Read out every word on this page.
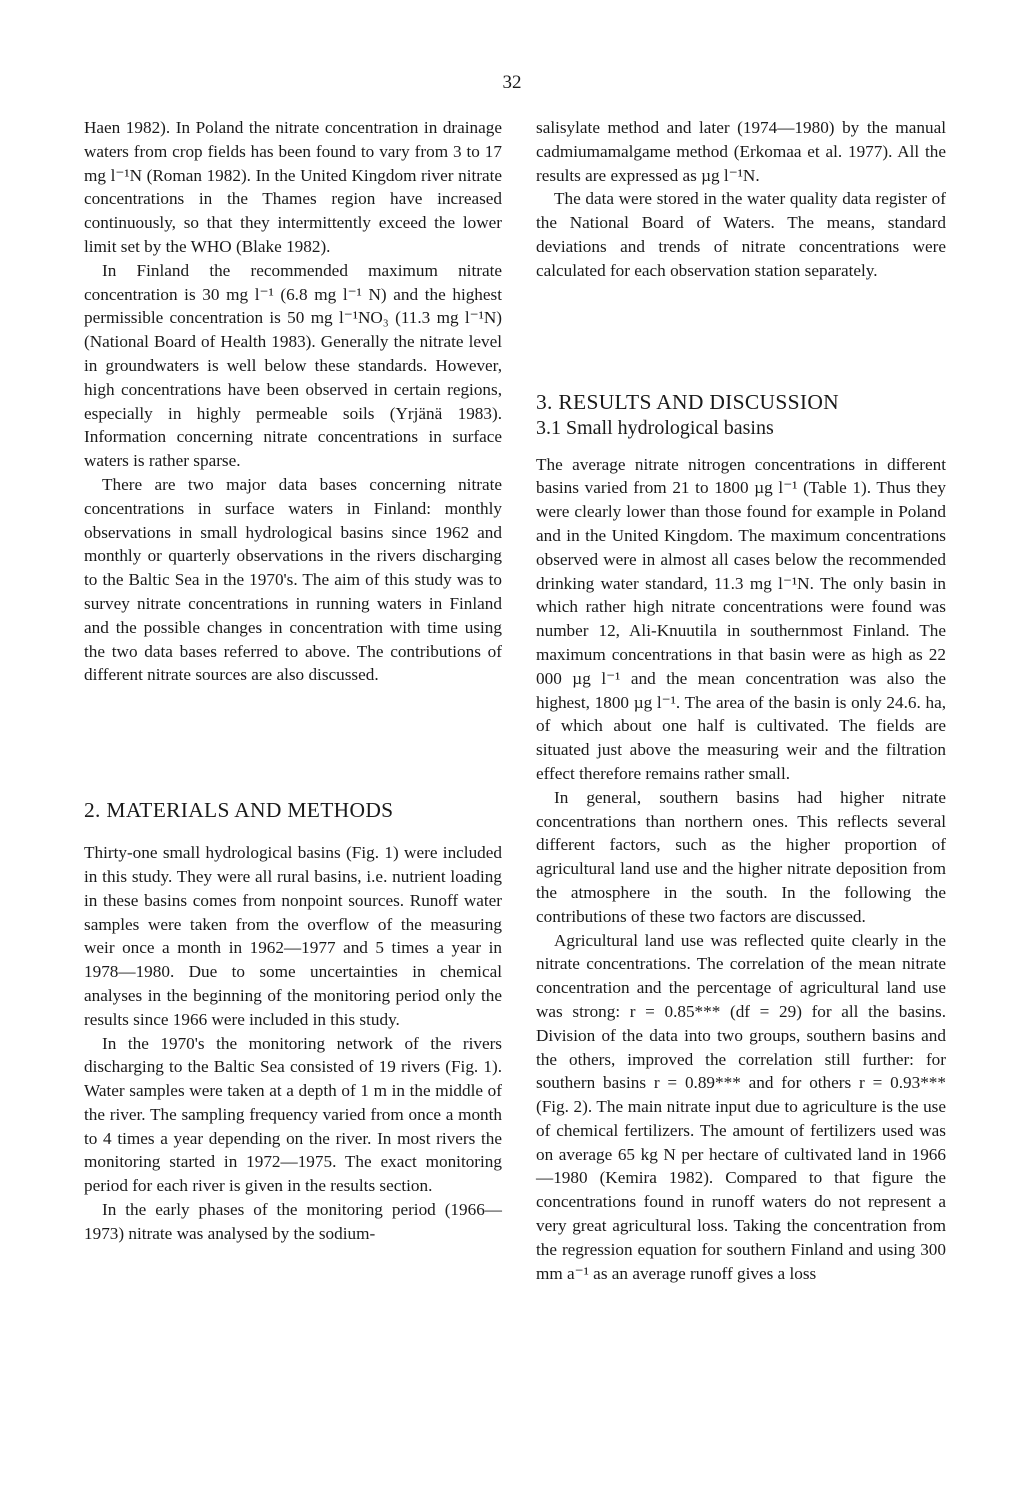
32

Haen 1982). In Poland the nitrate concentration in drainage waters from crop fields has been found to vary from 3 to 17 mg l⁻¹N (Roman 1982). In the United Kingdom river nitrate concentrations in the Thames region have increased continuously, so that they intermittently exceed the lower limit set by the WHO (Blake 1982).

In Finland the recommended maximum nitrate concentration is 30 mg l⁻¹ (6.8 mg l⁻¹ N) and the highest permissible concentration is 50 mg l⁻¹NO₃ (11.3 mg l⁻¹N) (National Board of Health 1983). Generally the nitrate level in groundwaters is well below these standards. However, high concentrations have been observed in certain regions, especially in highly permeable soils (Yrjänä 1983). Information concerning nitrate concentrations in surface waters is rather sparse.

There are two major data bases concerning nitrate concentrations in surface waters in Finland: monthly observations in small hydrological basins since 1962 and monthly or quarterly observations in the rivers discharging to the Baltic Sea in the 1970's. The aim of this study was to survey nitrate concentrations in running waters in Finland and the possible changes in concentration with time using the two data bases referred to above. The contributions of different nitrate sources are also discussed.

2. MATERIALS AND METHODS

Thirty-one small hydrological basins (Fig. 1) were included in this study. They were all rural basins, i.e. nutrient loading in these basins comes from nonpoint sources. Runoff water samples were taken from the overflow of the measuring weir once a month in 1962—1977 and 5 times a year in 1978—1980. Due to some uncertainties in chemical analyses in the beginning of the monitoring period only the results since 1966 were included in this study.

In the 1970's the monitoring network of the rivers discharging to the Baltic Sea consisted of 19 rivers (Fig. 1). Water samples were taken at a depth of 1 m in the middle of the river. The sampling frequency varied from once a month to 4 times a year depending on the river. In most rivers the monitoring started in 1972—1975. The exact monitoring period for each river is given in the results section.

In the early phases of the monitoring period (1966—1973) nitrate was analysed by the sodium-

salisylate method and later (1974—1980) by the manual cadmiumamalgame method (Erkomaa et al. 1977). All the results are expressed as µg l⁻¹N.

The data were stored in the water quality data register of the National Board of Waters. The means, standard deviations and trends of nitrate concentrations were calculated for each observation station separately.

3. RESULTS AND DISCUSSION
3.1 Small hydrological basins

The average nitrate nitrogen concentrations in different basins varied from 21 to 1800 µg l⁻¹ (Table 1). Thus they were clearly lower than those found for example in Poland and in the United Kingdom. The maximum concentrations observed were in almost all cases below the recommended drinking water standard, 11.3 mg l⁻¹N. The only basin in which rather high nitrate concentrations were found was number 12, Ali-Knuutila in southernmost Finland. The maximum concentrations in that basin were as high as 22 000 µg l⁻¹ and the mean concentration was also the highest, 1800 µg l⁻¹. The area of the basin is only 24.6. ha, of which about one half is cultivated. The fields are situated just above the measuring weir and the filtration effect therefore remains rather small.

In general, southern basins had higher nitrate concentrations than northern ones. This reflects several different factors, such as the higher proportion of agricultural land use and the higher nitrate deposition from the atmosphere in the south. In the following the contributions of these two factors are discussed.

Agricultural land use was reflected quite clearly in the nitrate concentrations. The correlation of the mean nitrate concentration and the percentage of agricultural land use was strong: r = 0.85*** (df = 29) for all the basins. Division of the data into two groups, southern basins and the others, improved the correlation still further: for southern basins r = 0.89*** and for others r = 0.93*** (Fig. 2). The main nitrate input due to agriculture is the use of chemical fertilizers. The amount of fertilizers used was on average 65 kg N per hectare of cultivated land in 1966—1980 (Kemira 1982). Compared to that figure the concentrations found in runoff waters do not represent a very great agricultural loss. Taking the concentration from the regression equation for southern Finland and using 300 mm a⁻¹ as an average runoff gives a loss
